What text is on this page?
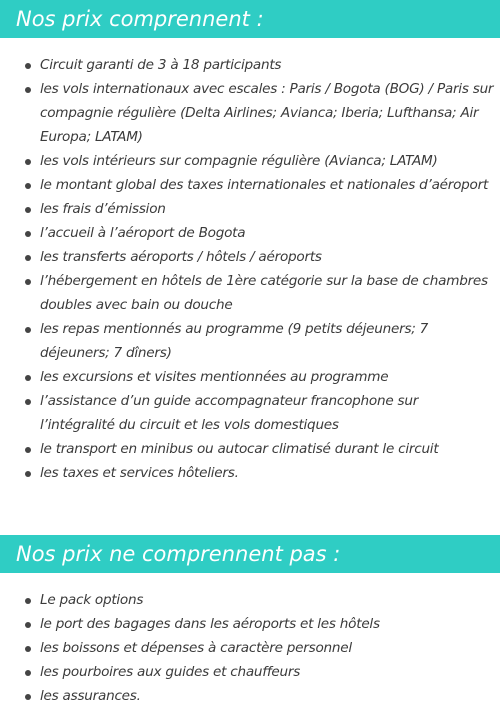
Nos prix comprennent :
Circuit garanti de 3 à 18 participants
les vols internationaux avec escales : Paris / Bogota (BOG) / Paris sur compagnie régulière (Delta Airlines; Avianca; Iberia; Lufthansa; Air Europa; LATAM)
les vols intérieurs sur compagnie régulière (Avianca; LATAM)
le montant global des taxes internationales et nationales d’aéroport
les frais d’émission
l’accueil à l’aéroport de Bogota
les transferts aéroports / hôtels / aéroports
l’hébergement en hôtels de 1ère catégorie sur la base de chambres doubles avec bain ou douche
les repas mentionnés au programme (9 petits déjeuners; 7 déjeuners; 7 dîners)
les excursions et visites mentionnées au programme
l’assistance d’un guide accompagnateur francophone sur l’intégralité du circuit et les vols domestiques
le transport en minibus ou autocar climatisé durant le circuit
les taxes et services hôteliers.
Nos prix ne comprennent pas :
Le pack options
le port des bagages dans les aéroports et les hôtels
les boissons et dépenses à caractère personnel
les pourboires aux guides et chauffeurs
les assurances.
